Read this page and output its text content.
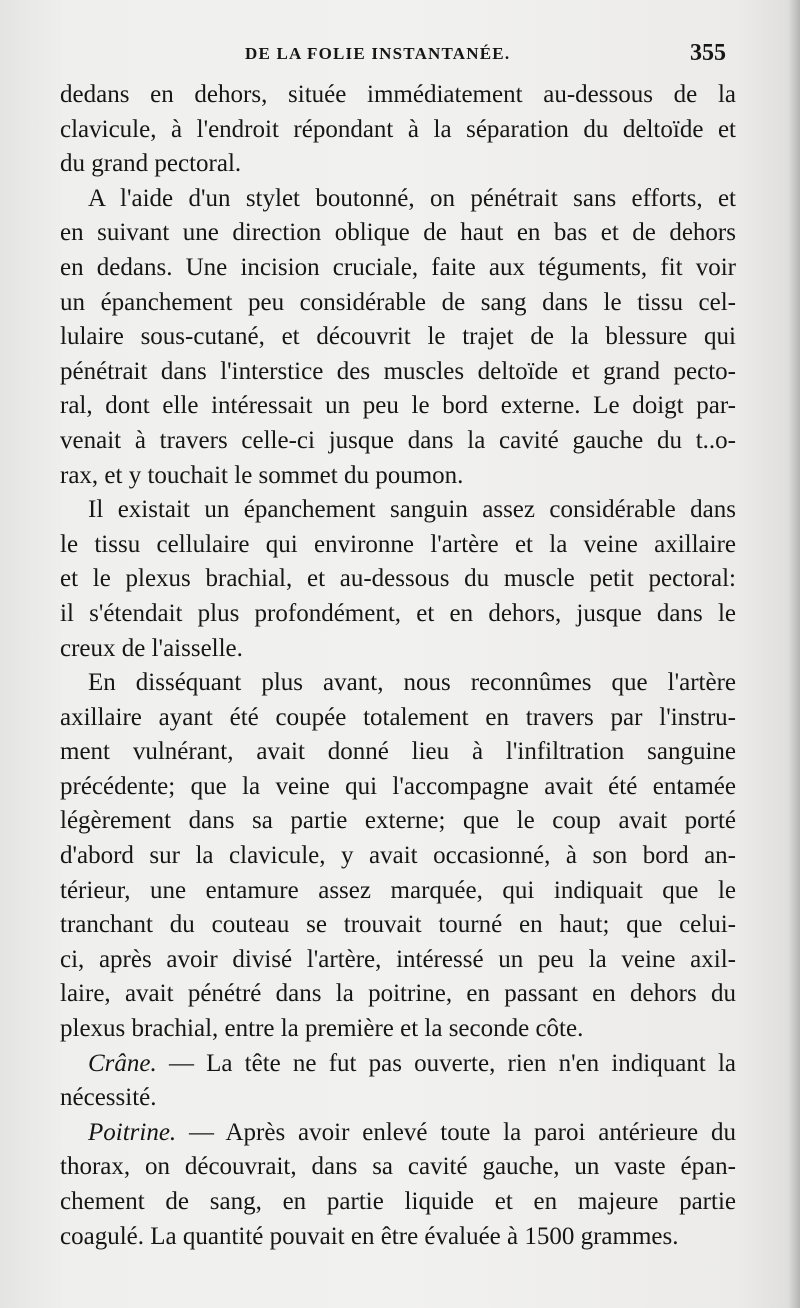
DE LA FOLIE INSTANTANÉE.	355
dedans en dehors, située immédiatement au-dessous de la
clavicule, à l'endroit répondant à la séparation du deltoïde et
du grand pectoral.
A l'aide d'un stylet boutonné, on pénétrait sans efforts, et
en suivant une direction oblique de haut en bas et de dehors
en dedans. Une incision cruciale, faite aux téguments, fit voir
un épanchement peu considérable de sang dans le tissu cel-
lulaire sous-cutané, et découvrit le trajet de la blessure qui
pénétrait dans l'interstice des muscles deltoïde et grand pecto-
ral, dont elle intéressait un peu le bord externe. Le doigt par-
venait à travers celle-ci jusque dans la cavité gauche du t..o-
rax, et y touchait le sommet du poumon.
Il existait un épanchement sanguin assez considérable dans
le tissu cellulaire qui environne l'artère et la veine axillaire
et le plexus brachial, et au-dessous du muscle petit pectoral:
il s'étendait plus profondément, et en dehors, jusque dans le
creux de l'aisselle.
En disséquant plus avant, nous reconnûmes que l'artère
axillaire ayant été coupée totalement en travers par l'instru-
ment vulnérant, avait donné lieu à l'infiltration sanguine
précédente; que la veine qui l'accompagne avait été entamée
légèrement dans sa partie externe; que le coup avait porté
d'abord sur la clavicule, y avait occasionné, à son bord an-
térieur, une entamure assez marquée, qui indiquait que le
tranchant du couteau se trouvait tourné en haut; que celui-
ci, après avoir divisé l'artère, intéressé un peu la veine axil-
laire, avait pénétré dans la poitrine, en passant en dehors du
plexus brachial, entre la première et la seconde côte.
Crâne. — La tête ne fut pas ouverte, rien n'en indiquant la
nécessité.
Poitrine. — Après avoir enlevé toute la paroi antérieure du
thorax, on découvrait, dans sa cavité gauche, un vaste épan-
chement de sang, en partie liquide et en majeure partie
coagulé. La quantité pouvait en être évaluée à 1500 grammes.
